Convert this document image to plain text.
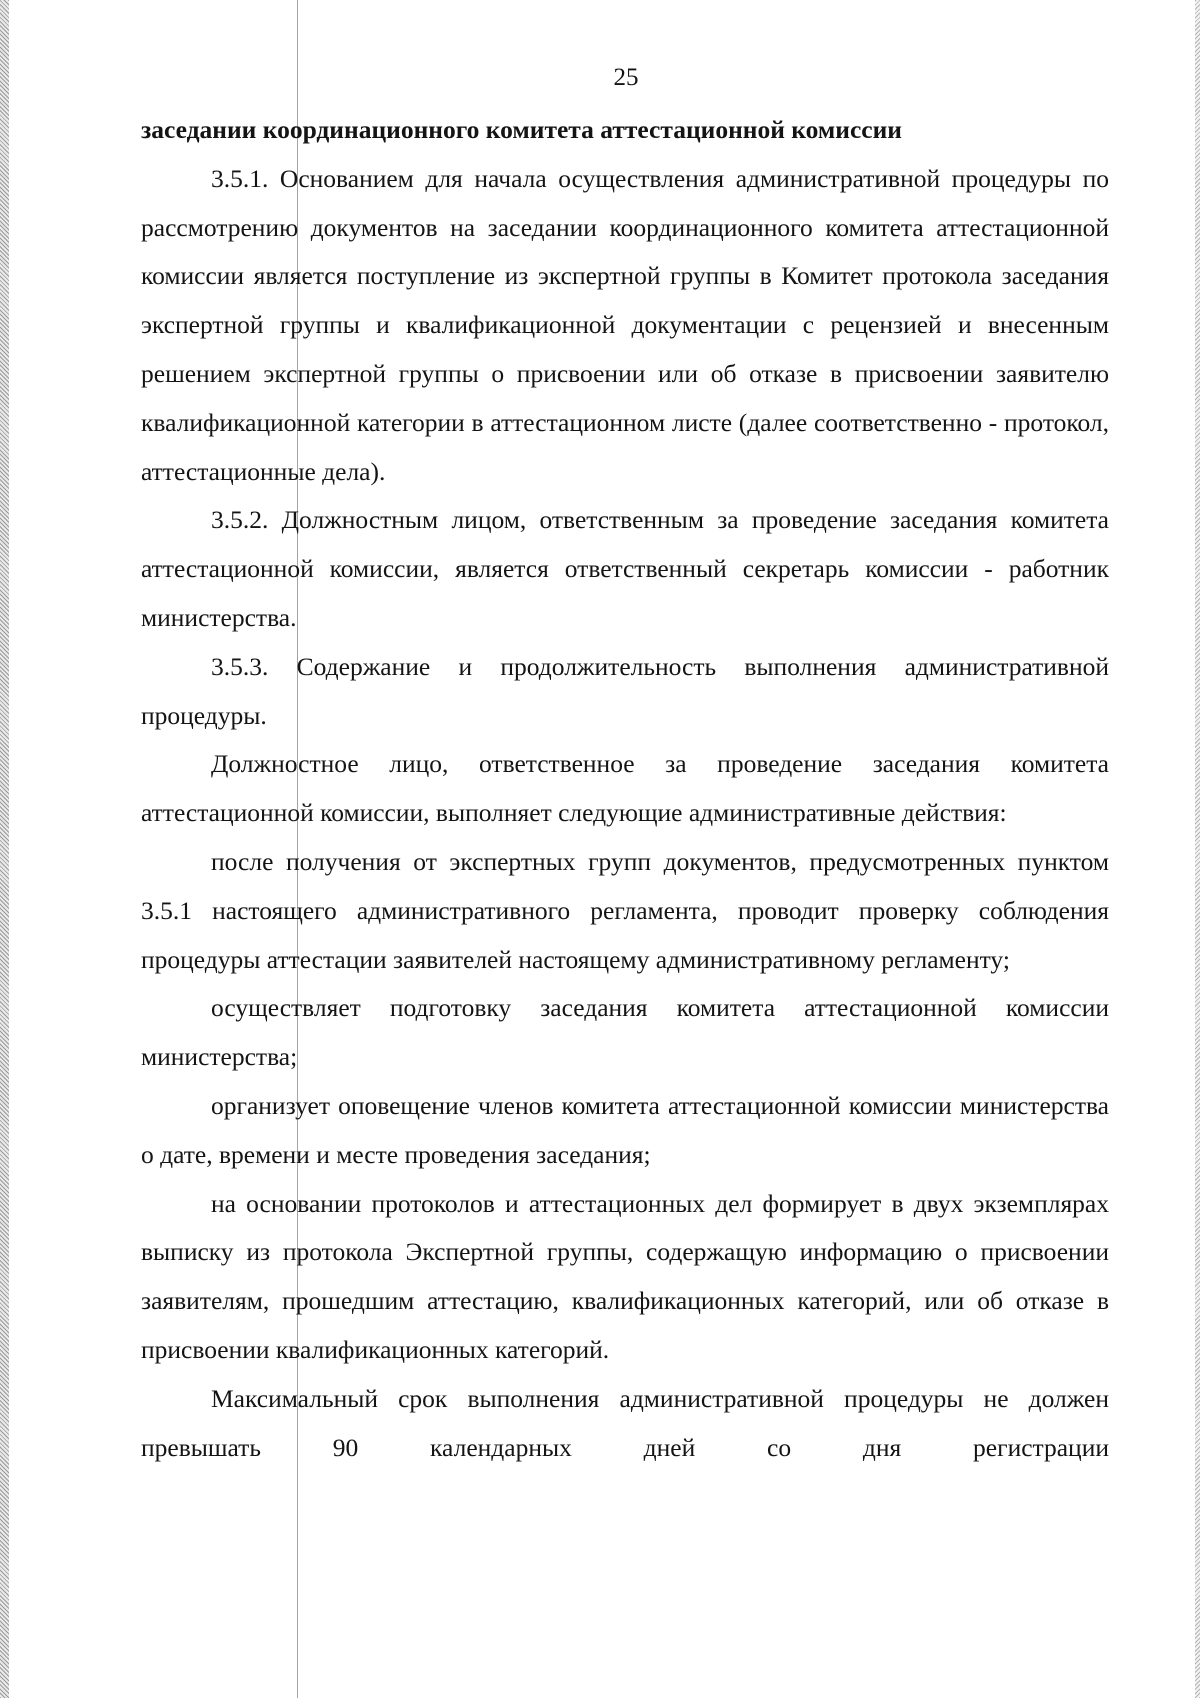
25

заседании координационного комитета аттестационной комиссии

3.5.1. Основанием для начала осуществления административной процедуры по рассмотрению документов на заседании координационного комитета аттестационной комиссии является поступление из экспертной группы в Комитет протокола заседания экспертной группы и квалификационной документации с рецензией и внесенным решением экспертной группы о присвоении или об отказе в присвоении заявителю квалификационной категории в аттестационном листе (далее соответственно - протокол, аттестационные дела).

3.5.2. Должностным лицом, ответственным за проведение заседания комитета аттестационной комиссии, является ответственный секретарь комиссии - работник министерства.

3.5.3. Содержание и продолжительность выполнения административной процедуры.

Должностное лицо, ответственное за проведение заседания комитета аттестационной комиссии, выполняет следующие административные действия:

после получения от экспертных групп документов, предусмотренных пунктом 3.5.1 настоящего административного регламента, проводит проверку соблюдения процедуры аттестации заявителей настоящему административному регламенту;

осуществляет подготовку заседания комитета аттестационной комиссии министерства;

организует оповещение членов комитета аттестационной комиссии министерства о дате, времени и месте проведения заседания;

на основании протоколов и аттестационных дел формирует в двух экземплярах выписку из протокола Экспертной группы, содержащую информацию о присвоении заявителям, прошедшим аттестацию, квалификационных категорий, или об отказе в присвоении квалификационных категорий.

Максимальный срок выполнения административной процедуры не должен превышать 90 календарных дней со дня регистрации
